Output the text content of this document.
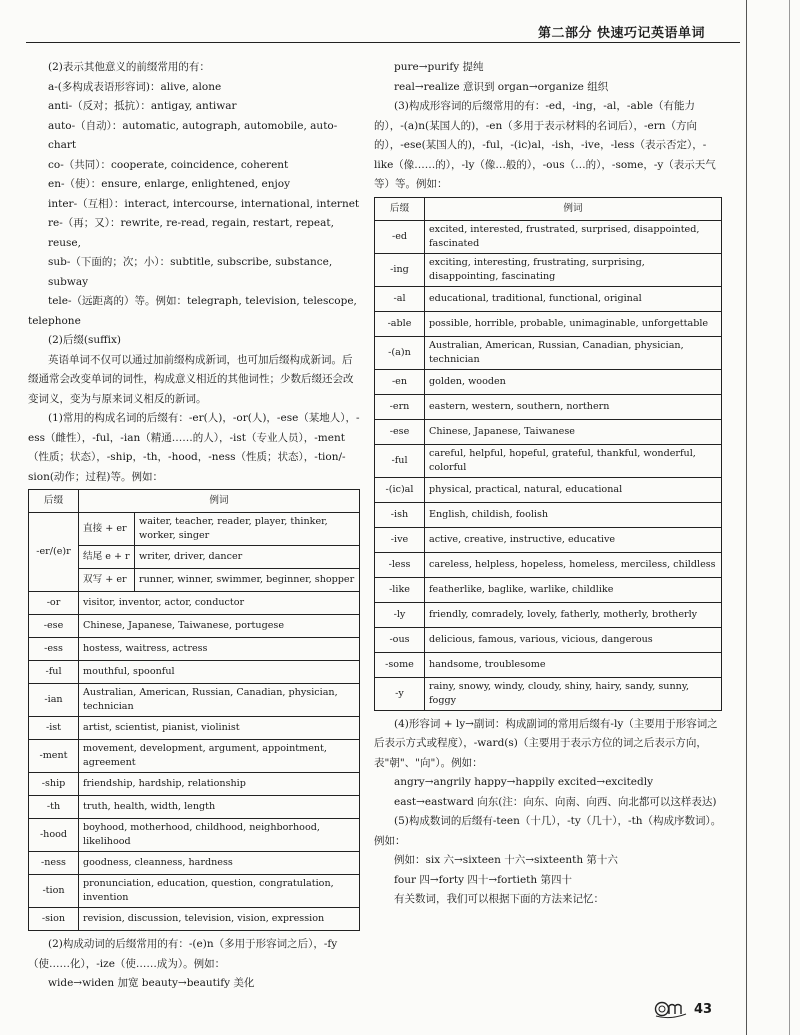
第二部分 快速巧记英语单词

(2)表示其他意义的前缀常用的有：

a-(多构成表语形容词)：alive, alone

anti-（反对；抵抗）：antigay, antiwar

auto-（自动）：automatic, autograph, automobile, auto-chart

co-（共同）：cooperate, coincidence, coherent

en-（使）：ensure, enlarge, enlightened, enjoy

inter-（互相）：interact, intercourse, international, internet

re-（再；又）：rewrite, re-read, regain, restart, repeat, reuse,

sub-（下面的；次；小）：subtitle, subscribe, substance, subway

tele-（远距离的）等。例如：telegraph, television, telescope,

telephone

(2)后缀(suffix)

英语单词不仅可以通过加前缀构成新词，也可加后缀构成新词。后缀通常会改变单词的词性，构成意义相近的其他词性；少数后缀还会改变词义，变为与原来词义相反的新词。

(1)常用的构成名词的后缀有：-er(人)，-or(人)，-ese（某地人），-ess（雌性），-ful，-ian（精通……的人），-ist（专业人员），-ment（性质；状态），-ship，-th，-hood，-ness（性质；状态），-tion/-sion(动作；过程)等。例如：

后缀	例词	
-er/(e)r	直接 + er	waiter, teacher, reader, player, thinker, worker, singer
	结尾 e + r	writer, driver, dancer
	双写 + er	runner, winner, swimmer, beginner, shopper
-or	visitor, inventor, actor, conductor	
-ese	Chinese, Japanese, Taiwanese, portugese	
-ess	hostess, waitress, actress	
-ful	mouthful, spoonful	
-ian	Australian, American, Russian, Canadian, physician, technician	
-ist	artist, scientist, pianist, violinist	
-ment	movement, development, argument, appointment, agreement	
-ship	friendship, hardship, relationship	
-th	truth, health, width, length	
-hood	boyhood, motherhood, childhood, neighborhood, likelihood	
-ness	goodness, cleanness, hardness	
-tion	pronunciation, education, question, congratulation, invention	
-sion	revision, discussion, television, vision, expression	

(2)构成动词的后缀常用的有：-(e)n（多用于形容词之后），-fy（使……化），-ize（使……成为）。例如：

wide→widen 加宽 beauty→beautify 美化

pure→purify 提纯

real→realize 意识到 organ→organize 组织

(3)构成形容词的后缀常用的有：-ed，-ing，-al，-able（有能力的），-(a)n(某国人的)，-en（多用于表示材料的名词后），-ern（方向的），-ese(某国人的)，-ful，-(ic)al，-ish，-ive，-less（表示否定），-like（像……的），-ly（像…般的），-ous（…的），-some，-y（表示天气等）等。例如：

后缀	例词
-ed	excited, interested, frustrated, surprised, disappointed, fascinated
-ing	exciting, interesting, frustrating, surprising, disappointing, fascinating
-al	educational, traditional, functional, original
-able	possible, horrible, probable, unimaginable, unforgettable
-(a)n	Australian, American, Russian, Canadian, physician, technician
-en	golden, wooden
-ern	eastern, western, southern, northern
-ese	Chinese, Japanese, Taiwanese
-ful	careful, helpful, hopeful, grateful, thankful, wonderful, colorful
-(ic)al	physical, practical, natural, educational
-ish	English, childish, foolish
-ive	active, creative, instructive, educative
-less	careless, helpless, hopeless, homeless, merciless, childless
-like	featherlike, baglike, warlike, childlike
-ly	friendly, comradely, lovely, fatherly, motherly, brotherly
-ous	delicious, famous, various, vicious, dangerous
-some	handsome, troublesome
-y	rainy, snowy, windy, cloudy, shiny, hairy, sandy, sunny, foggy

(4)形容词 + ly→副词：构成副词的常用后缀有-ly（主要用于形容词之后表示方式或程度），-ward(s)（主要用于表示方位的词之后表示方向，表"朝"、"向"）。例如：

angry→angrily happy→happily excited→excitedly

east→eastward 向东(注：向东、向南、向西、向北都可以这样表达)

(5)构成数词的后缀有-teen（十几），-ty（几十），-th（构成序数词）。例如：

例如：six 六→sixteen 十六→sixteenth 第十六

four 四→forty 四十→fortieth 第四十

有关数词，我们可以根据下面的方法来记忆：

43
